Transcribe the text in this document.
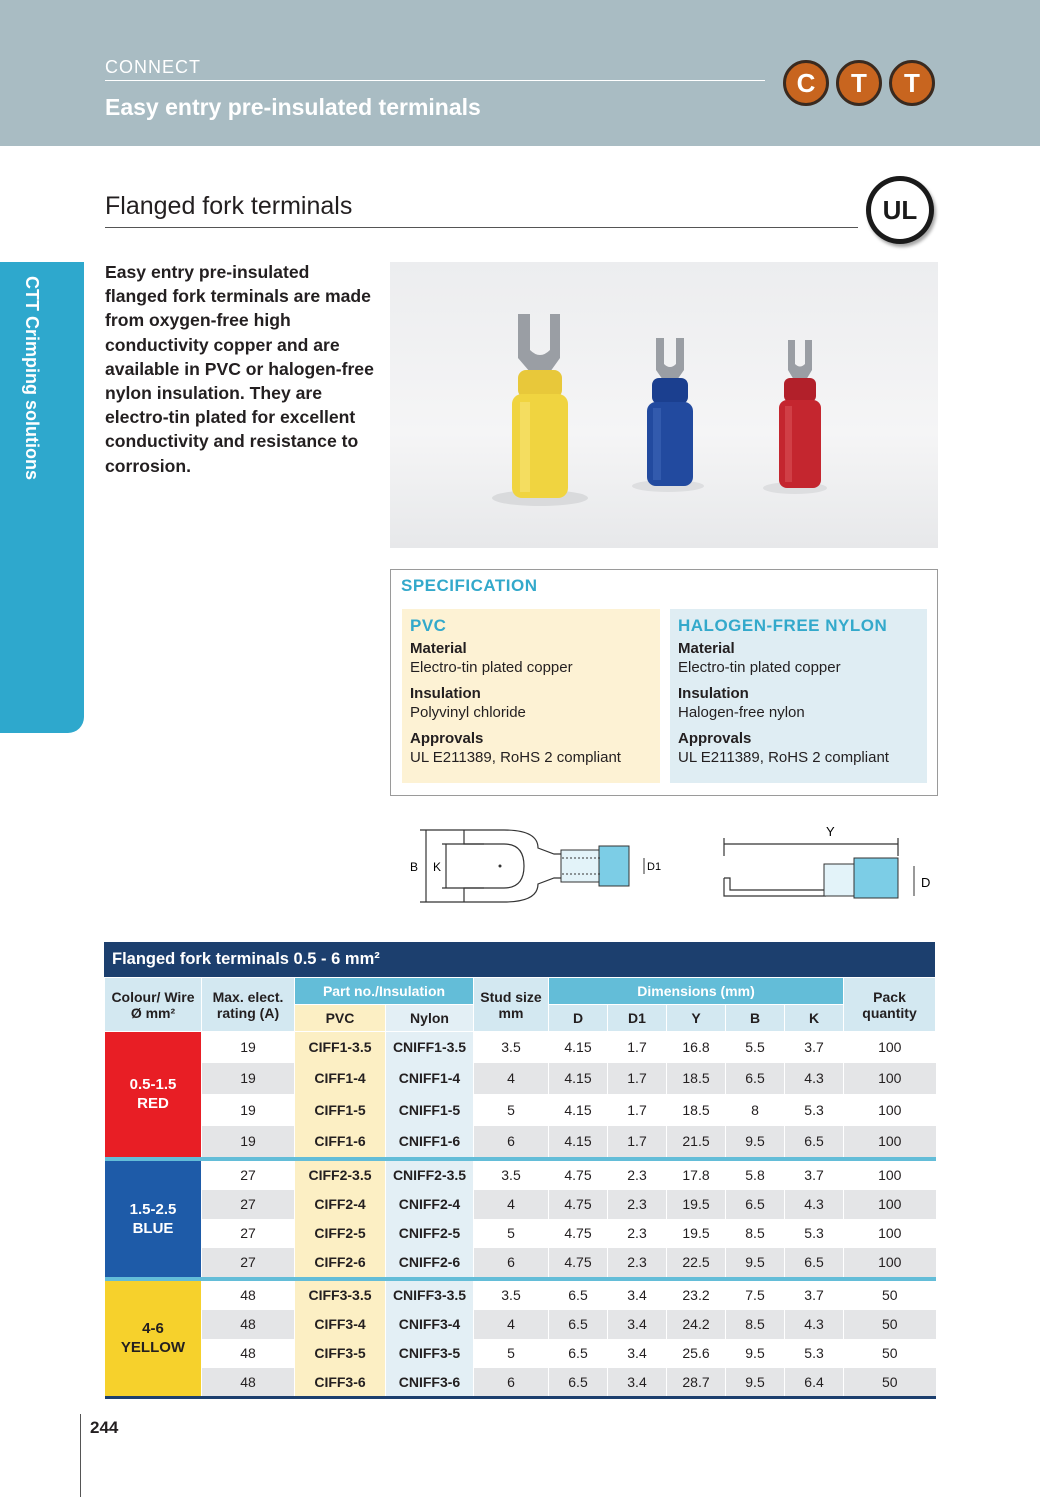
CONNECT
Easy entry pre-insulated terminals
C	T	T
CTT Crimping solutions
Flanged fork terminals	UL
Easy entry pre-insulated flanged fork terminals are made from oxygen-free high conductivity copper and are available in PVC or halogen-free nylon insulation. They are electro-tin plated for excellent conductivity and resistance to corrosion.
SPECIFICATION
PVC
Material
Electro-tin plated copper
Insulation
Polyvinyl chloride
Approvals
UL E211389, RoHS 2 compliant
HALOGEN-FREE NYLON
Material
Electro-tin plated copper
Insulation
Halogen-free nylon
Approvals
UL E211389, RoHS 2 compliant
B K	D1
Y
D
Flanged fork terminals 0.5 - 6 mm²
Colour/ Wire Ø mm²	Max. elect. rating (A)	Part no./Insulation		Stud size mm	Dimensions (mm)					Pack quantity
		PVC	Nylon		D	D1	Y	B	K	

0.5-1.5
RED	19	CIFF1-3.5	CNIFF1-3.5	3.5	4.15	1.7	16.8	5.5	3.7	100
	19	CIFF1-4	CNIFF1-4	4	4.15	1.7	18.5	6.5	4.3	100
	19	CIFF1-5	CNIFF1-5	5	4.15	1.7	18.5	8	5.3	100
	19	CIFF1-6	CNIFF1-6	6	4.15	1.7	21.5	9.5	6.5	100

1.5-2.5
BLUE	27	CIFF2-3.5	CNIFF2-3.5	3.5	4.75	2.3	17.8	5.8	3.7	100
	27	CIFF2-4	CNIFF2-4	4	4.75	2.3	19.5	6.5	4.3	100
	27	CIFF2-5	CNIFF2-5	5	4.75	2.3	19.5	8.5	5.3	100
	27	CIFF2-6	CNIFF2-6	6	4.75	2.3	22.5	9.5	6.5	100

4-6
YELLOW	48	CIFF3-3.5	CNIFF3-3.5	3.5	6.5	3.4	23.2	7.5	3.7	50
	48	CIFF3-4	CNIFF3-4	4	6.5	3.4	24.2	8.5	4.3	50
	48	CIFF3-5	CNIFF3-5	5	6.5	3.4	25.6	9.5	5.3	50
	48	CIFF3-6	CNIFF3-6	6	6.5	3.4	28.7	9.5	6.4	50

244
